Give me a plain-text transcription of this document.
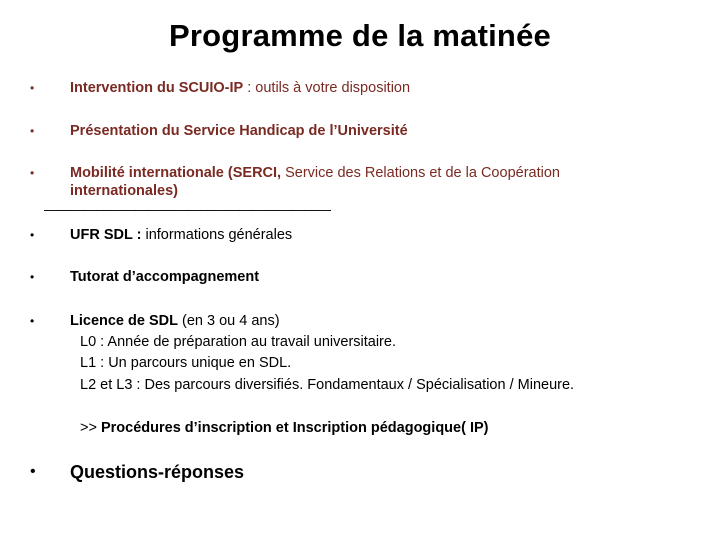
Programme de la matinée
• Intervention du SCUIO-IP : outils à votre disposition
• Présentation du Service Handicap de l’Université
• Mobilité internationale (SERCI, Service des Relations et de la Coopération
internationales)
——————————————————————
• UFR SDL : informations générales
• Tutorat d’accompagnement
• Licence de SDL (en 3 ou 4 ans)
L0 : Année de préparation au travail universitaire.
L1 : Un parcours unique en SDL.
L2 et L3 : Des parcours diversifiés. Fondamentaux / Spécialisation / Mineure.
>> Procédures d’inscription et Inscription pédagogique( IP)
• Questions-réponses
